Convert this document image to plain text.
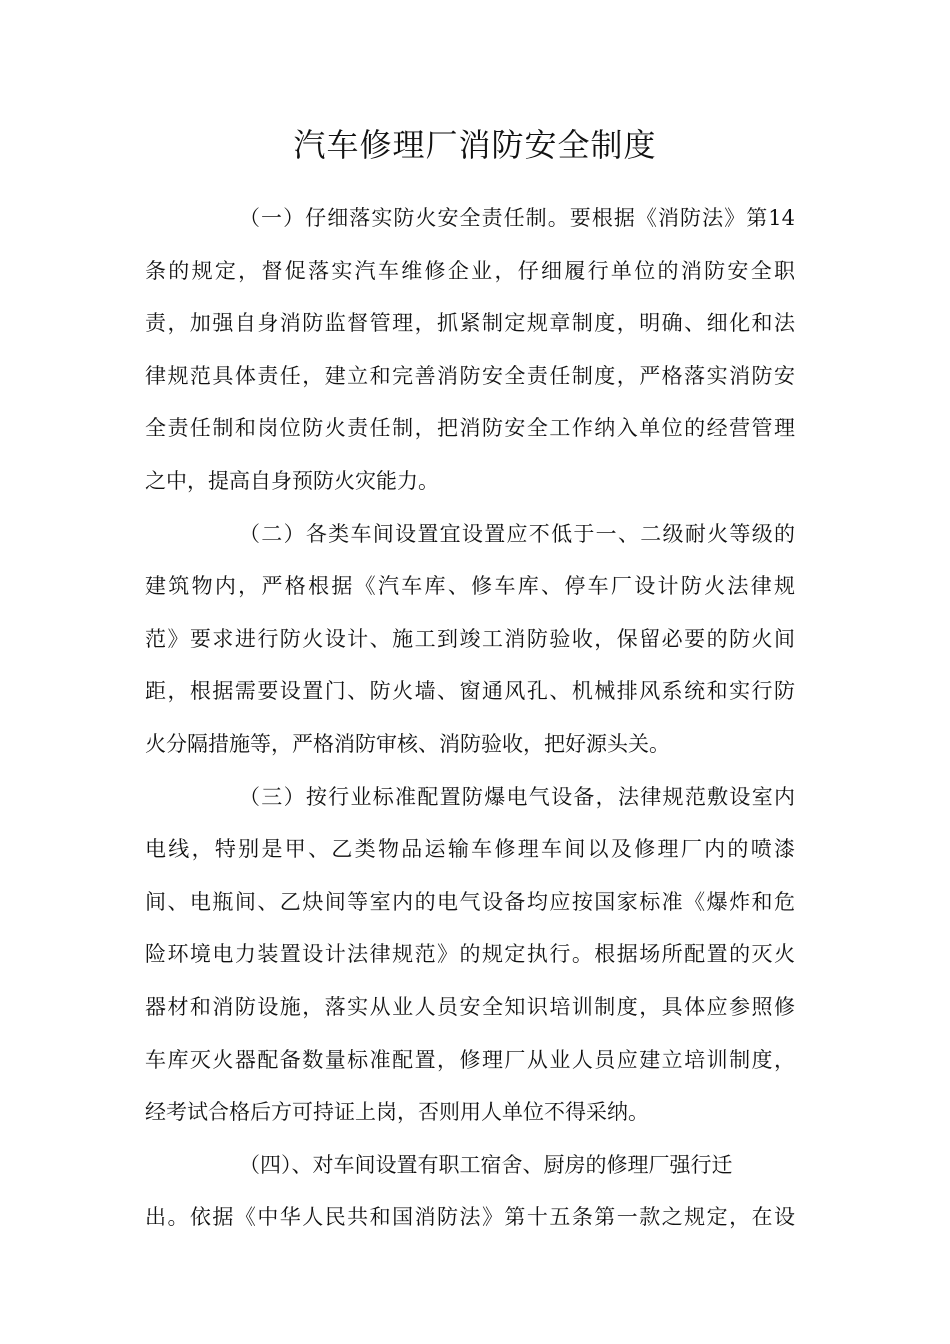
汽车修理厂消防安全制度

（一）仔细落实防火安全责任制。要根据《消防法》第14
条的规定，督促落实汽车维修企业，仔细履行单位的消防安全职
责，加强自身消防监督管理，抓紧制定规章制度，明确、细化和法
律规范具体责任，建立和完善消防安全责任制度，严格落实消防安
全责任制和岗位防火责任制，把消防安全工作纳入单位的经营管理
之中，提高自身预防火灾能力。

（二）各类车间设置宜设置应不低于一、二级耐火等级的
建筑物内，严格根据《汽车库、修车库、停车厂设计防火法律规
范》要求进行防火设计、施工到竣工消防验收，保留必要的防火间
距，根据需要设置门、防火墙、窗通风孔、机械排风系统和实行防
火分隔措施等，严格消防审核、消防验收，把好源头关。

（三）按行业标准配置防爆电气设备，法律规范敷设室内
电线，特别是甲、乙类物品运输车修理车间以及修理厂内的喷漆
间、电瓶间、乙炔间等室内的电气设备均应按国家标准《爆炸和危
险环境电力装置设计法律规范》的规定执行。根据场所配置的灭火
器材和消防设施，落实从业人员安全知识培训制度，具体应参照修
车库灭火器配备数量标准配置，修理厂从业人员应建立培训制度，
经考试合格后方可持证上岗，否则用人单位不得采纳。

（四）、对车间设置有职工宿舍、厨房的修理厂强行迁
出。依据《中华人民共和国消防法》第十五条第一款之规定，在设
